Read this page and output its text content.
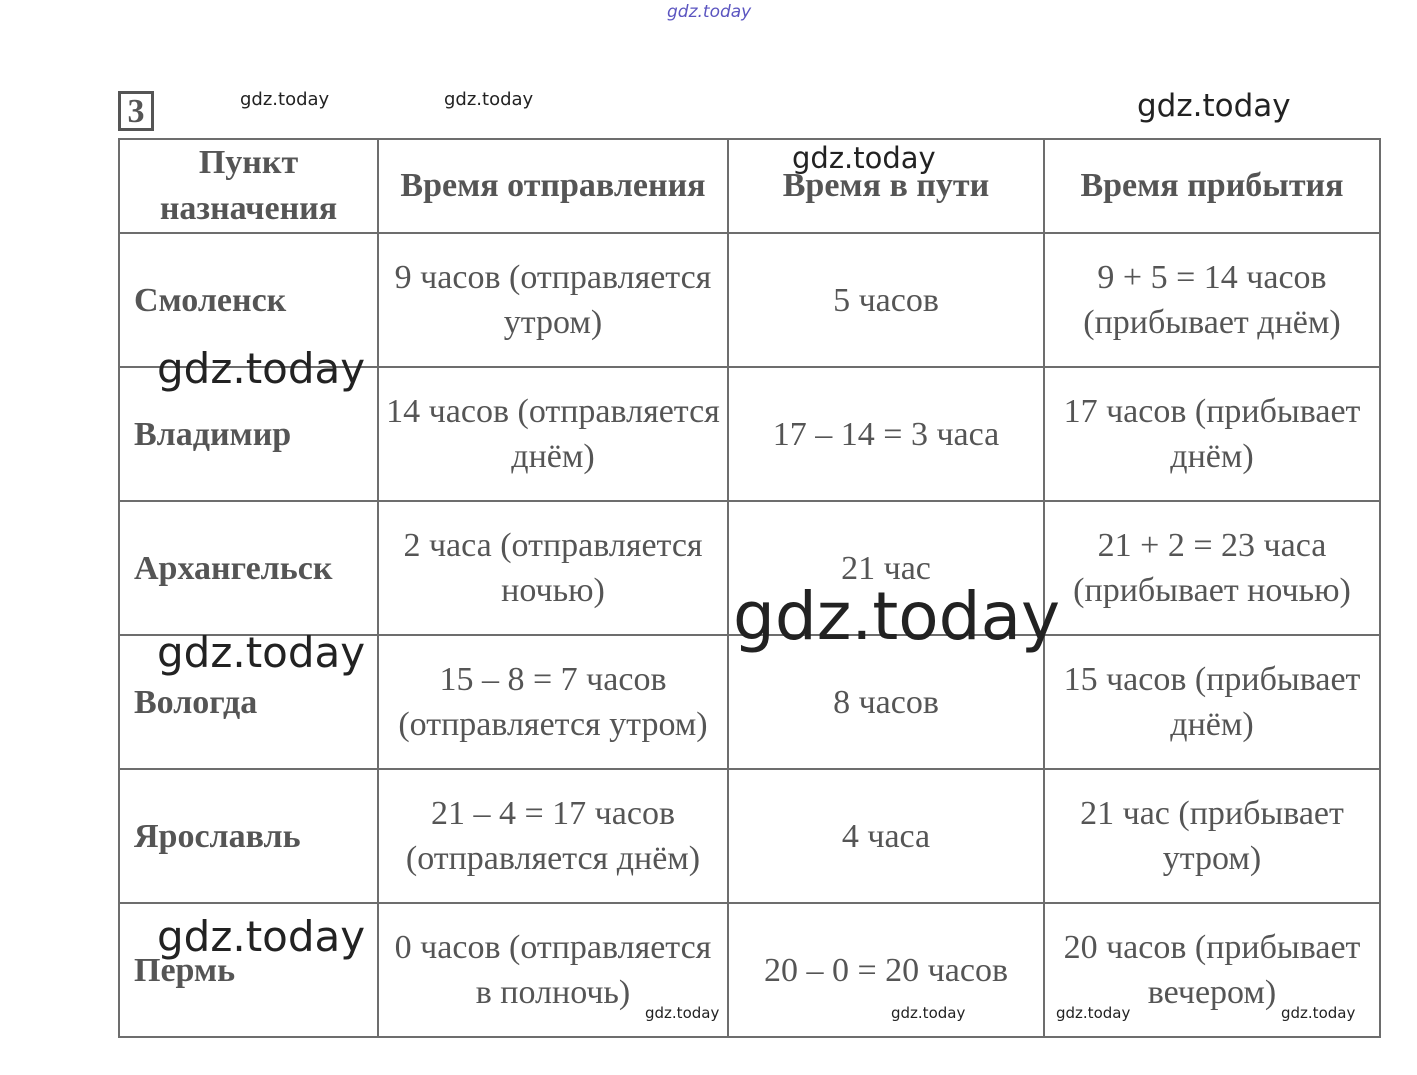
3
Пункт назначения	Время отправления	Время в пути	Время прибытия
Смоленск	9 часов (отправляется утром)	5 часов	9 + 5 = 14 часов (прибывает днём)
Владимир	14 часов (отправляется днём)	17 – 14 = 3 часа	17 часов (прибывает днём)
Архангельск	2 часа (отправляется ночью)	21 час	21 + 2 = 23 часа (прибывает ночью)
Вологда	15 – 8 = 7 часов (отправляется утром)	8 часов	15 часов (прибывает днём)
Ярославль	21 – 4 = 17 часов (отправляется днём)	4 часа	21 час (прибывает утром)
Пермь	0 часов (отправляется в полночь)	20 – 0 = 20 часов	20 часов (прибывает вечером)
gdz.today
gdz.today	gdz.today	gdz.today
gdz.today
gdz.today
gdz.today
gdz.today
gdz.today
gdz.today	gdz.today	gdz.today	gdz.today
